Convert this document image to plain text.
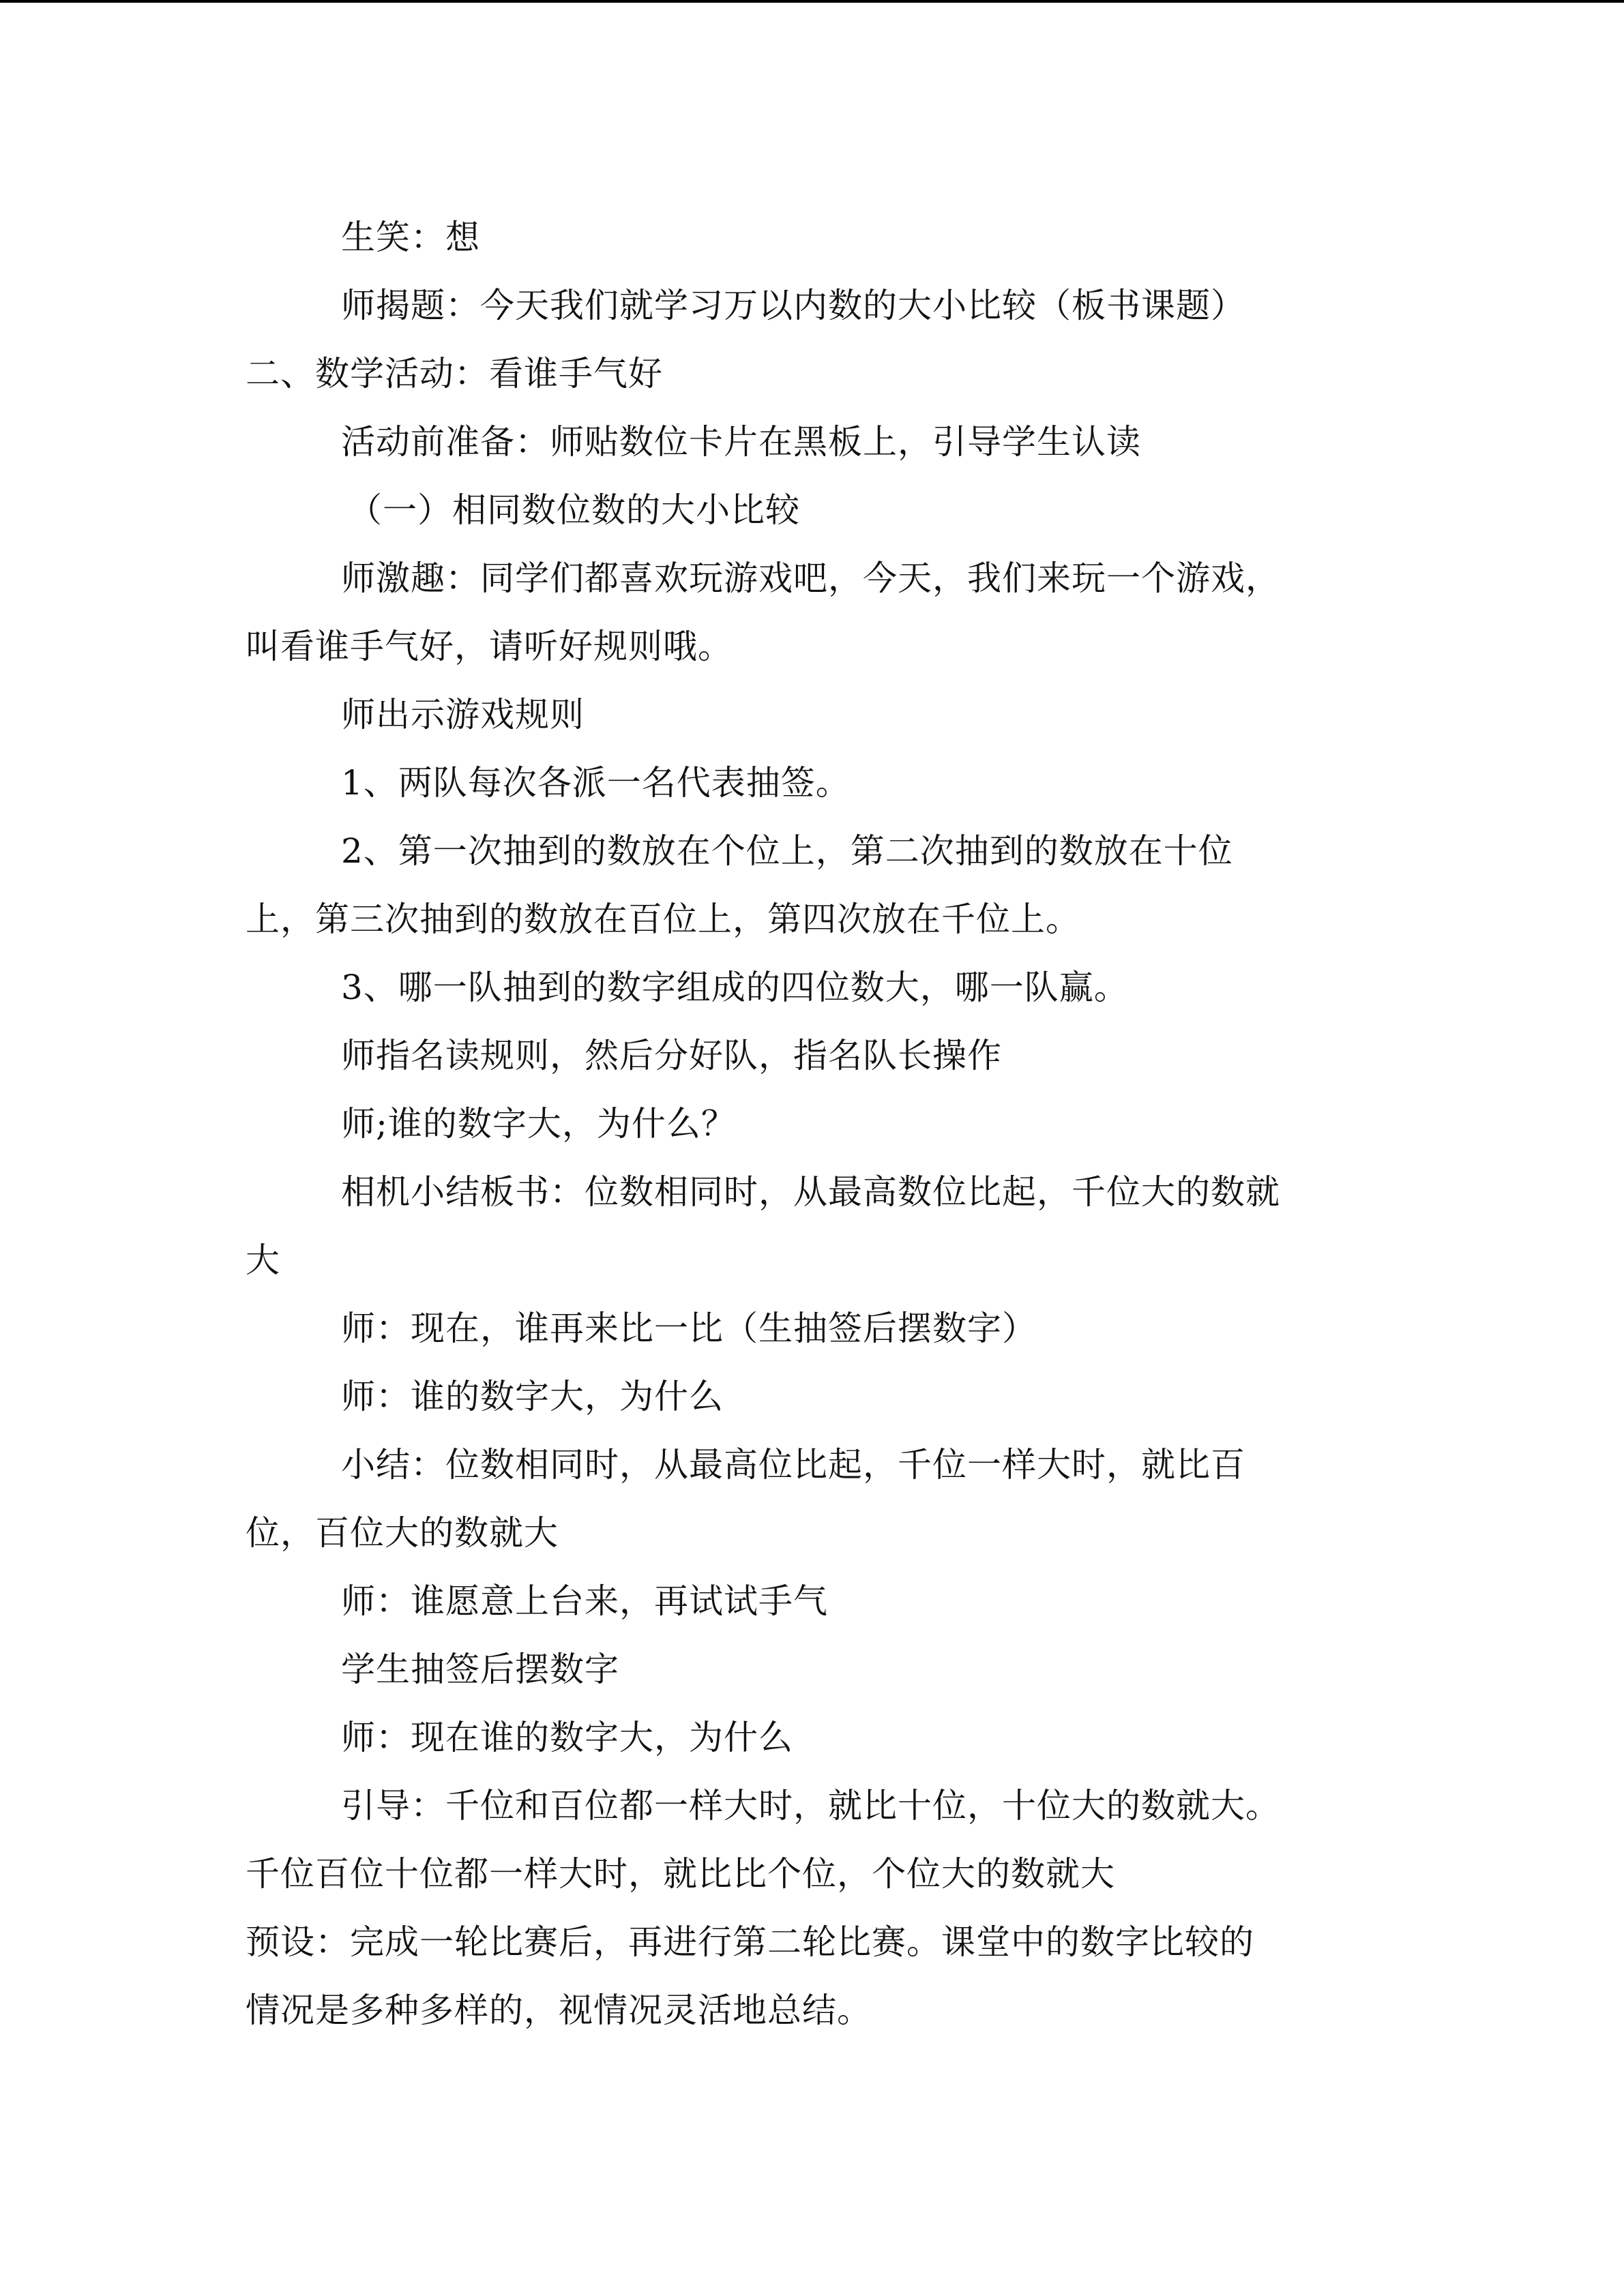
生笑：想
师揭题：今天我们就学习万以内数的大小比较（板书课题）
二、数学活动：看谁手气好
活动前准备：师贴数位卡片在黑板上，引导学生认读
（一）相同数位数的大小比较
师激趣：同学们都喜欢玩游戏吧，今天，我们来玩一个游戏，
叫看谁手气好，请听好规则哦。
师出示游戏规则
1、两队每次各派一名代表抽签。
2、第一次抽到的数放在个位上，第二次抽到的数放在十位
上，第三次抽到的数放在百位上，第四次放在千位上。
3、哪一队抽到的数字组成的四位数大，哪一队赢。
师指名读规则，然后分好队，指名队长操作
师;谁的数字大，为什么？
相机小结板书：位数相同时，从最高数位比起，千位大的数就
大
师：现在，谁再来比一比（生抽签后摆数字）
师：谁的数字大，为什么
小结：位数相同时，从最高位比起，千位一样大时，就比百
位，百位大的数就大
师：谁愿意上台来，再试试手气
学生抽签后摆数字
师：现在谁的数字大，为什么
引导：千位和百位都一样大时，就比十位，十位大的数就大。
千位百位十位都一样大时，就比比个位，个位大的数就大
预设：完成一轮比赛后，再进行第二轮比赛。课堂中的数字比较的
情况是多种多样的，视情况灵活地总结。
